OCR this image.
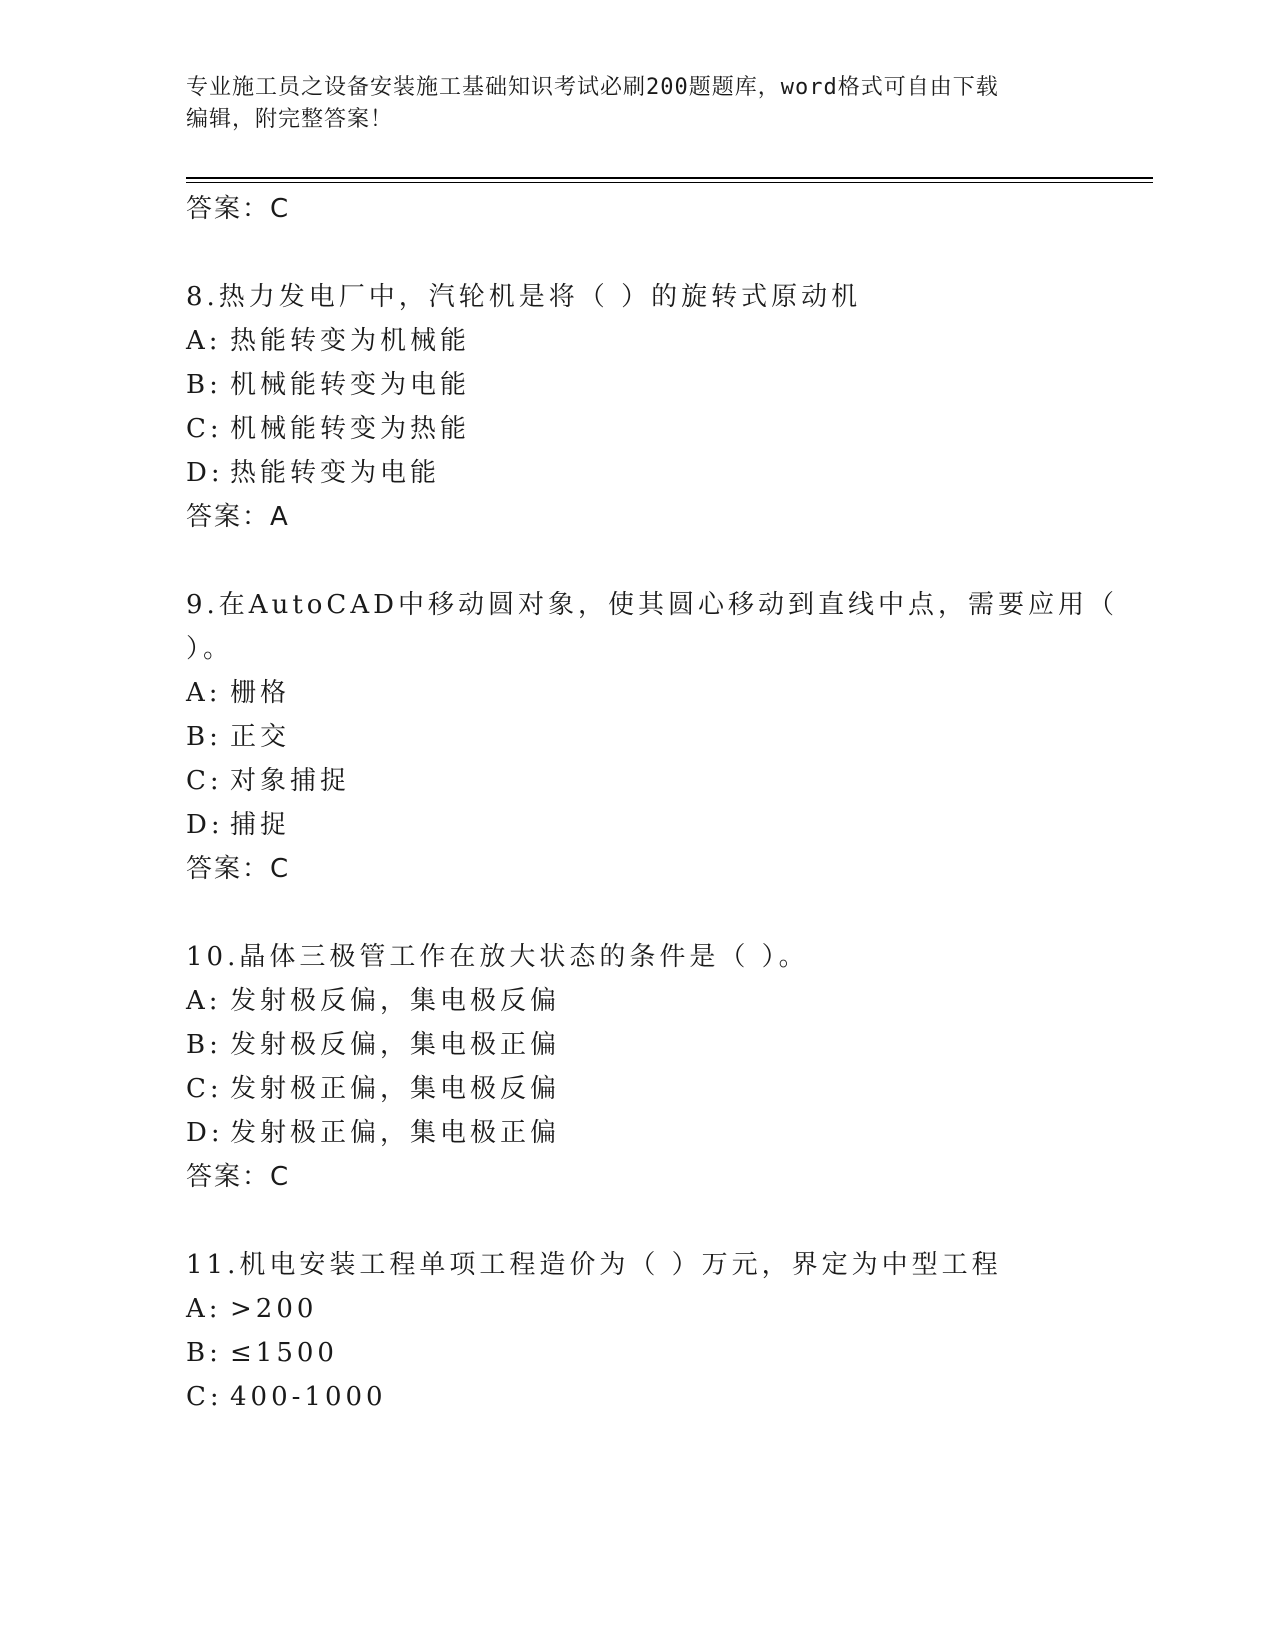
专业施工员之设备安装施工基础知识考试必刷200题题库，word格式可自由下载
编辑，附完整答案！
答案：C
8.热力发电厂中，汽轮机是将（ ）的旋转式原动机
A: 热能转变为机械能
B: 机械能转变为电能
C: 机械能转变为热能
D: 热能转变为电能
答案：A
9.在AutoCAD中移动圆对象，使其圆心移动到直线中点，需要应用（
）。
A: 栅格
B: 正交
C: 对象捕捉
D: 捕捉
答案：C
10.晶体三极管工作在放大状态的条件是（ ）。
A: 发射极反偏，集电极反偏
B: 发射极反偏，集电极正偏
C: 发射极正偏，集电极反偏
D: 发射极正偏，集电极正偏
答案：C
11.机电安装工程单项工程造价为（ ）万元，界定为中型工程
A: >200
B: ≤1500
C: 400-1000
